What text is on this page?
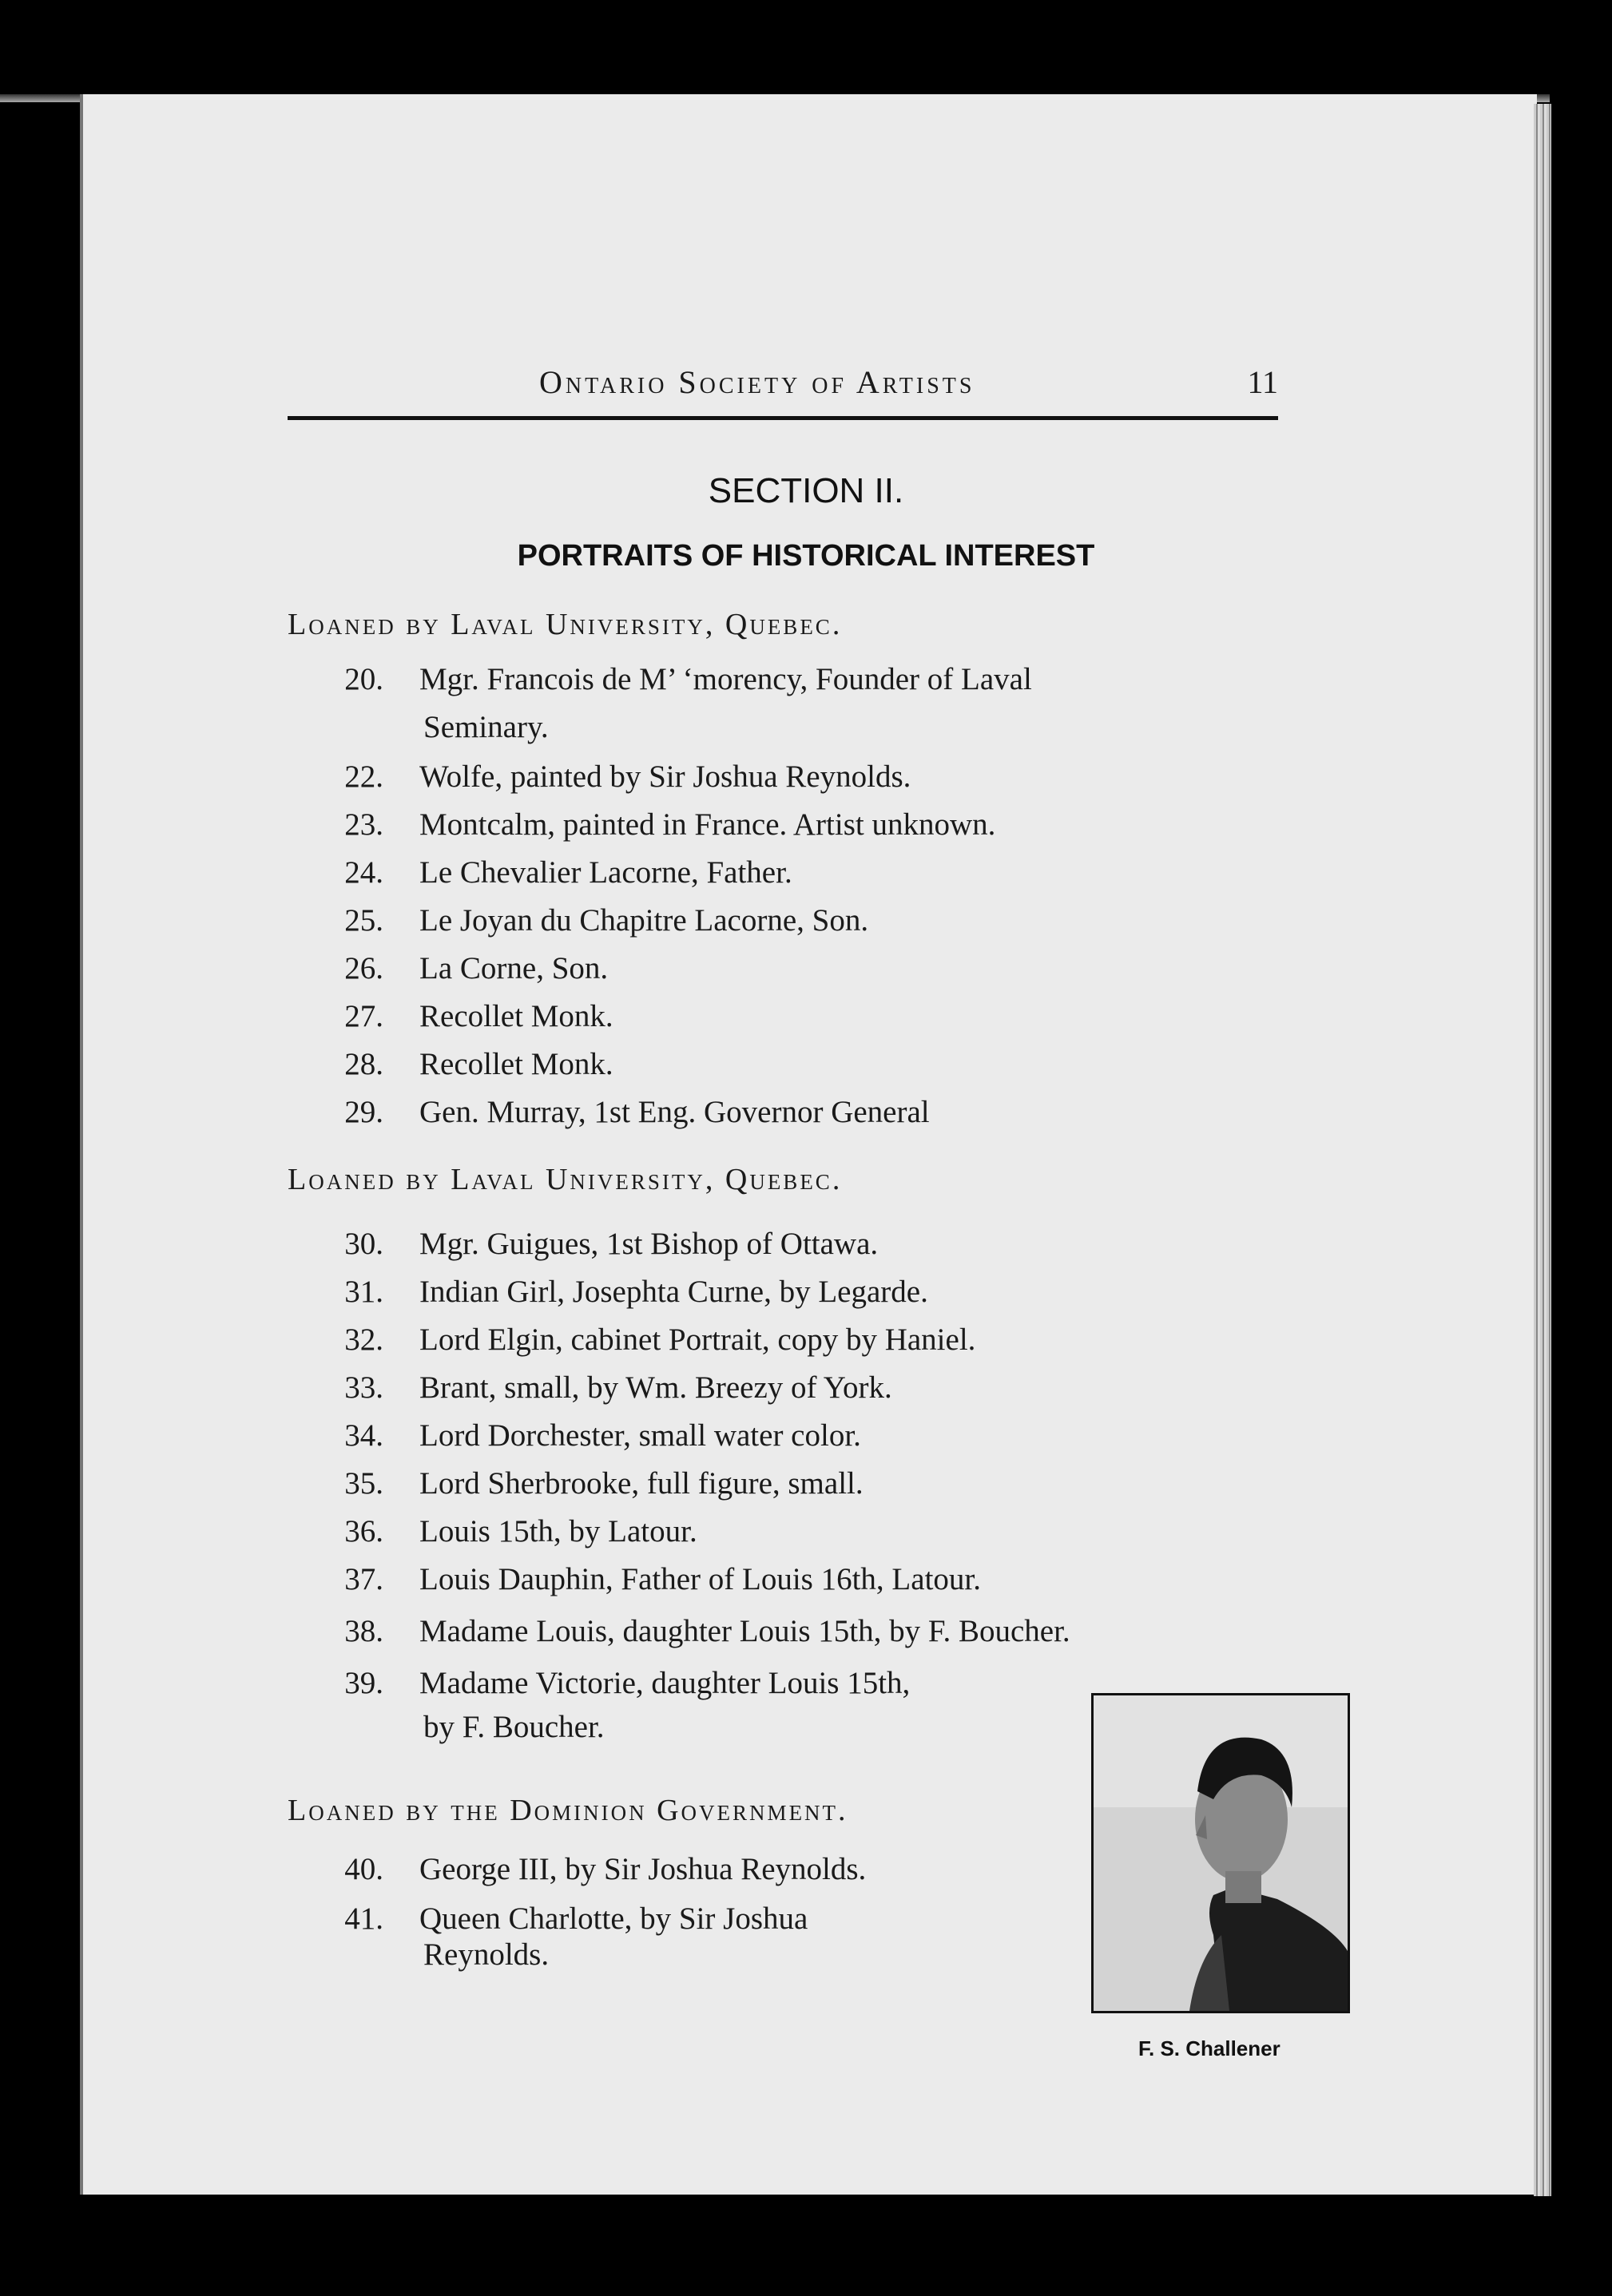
Ontario Society of Artists	11
SECTION II.
PORTRAITS OF HISTORICAL INTEREST
Loaned by Laval University, Quebec.
20. Mgr. Francois de M’ ‘morency, Founder of Laval
Seminary.
22. Wolfe, painted by Sir Joshua Reynolds.
23. Montcalm, painted in France. Artist unknown.
24. Le Chevalier Lacorne, Father.
25. Le Joyan du Chapitre Lacorne, Son.
26. La Corne, Son.
27. Recollet Monk.
28. Recollet Monk.
29. Gen. Murray, 1st Eng. Governor General
Loaned by Laval University, Quebec.
30. Mgr. Guigues, 1st Bishop of Ottawa.
31. Indian Girl, Josephta Curne, by Legarde.
32. Lord Elgin, cabinet Portrait, copy by Haniel.
33. Brant, small, by Wm. Breezy of York.
34. Lord Dorchester, small water color.
35. Lord Sherbrooke, full figure, small.
36. Louis 15th, by Latour.
37. Louis Dauphin, Father of Louis 16th, Latour.
38. Madame Louis, daughter Louis 15th, by F. Boucher.
39. Madame Victorie, daughter Louis 15th,
by F. Boucher.
Loaned by the Dominion Government.
40. George III, by Sir Joshua Reynolds.
41. Queen Charlotte, by Sir Joshua
Reynolds.
F. S. Challener
